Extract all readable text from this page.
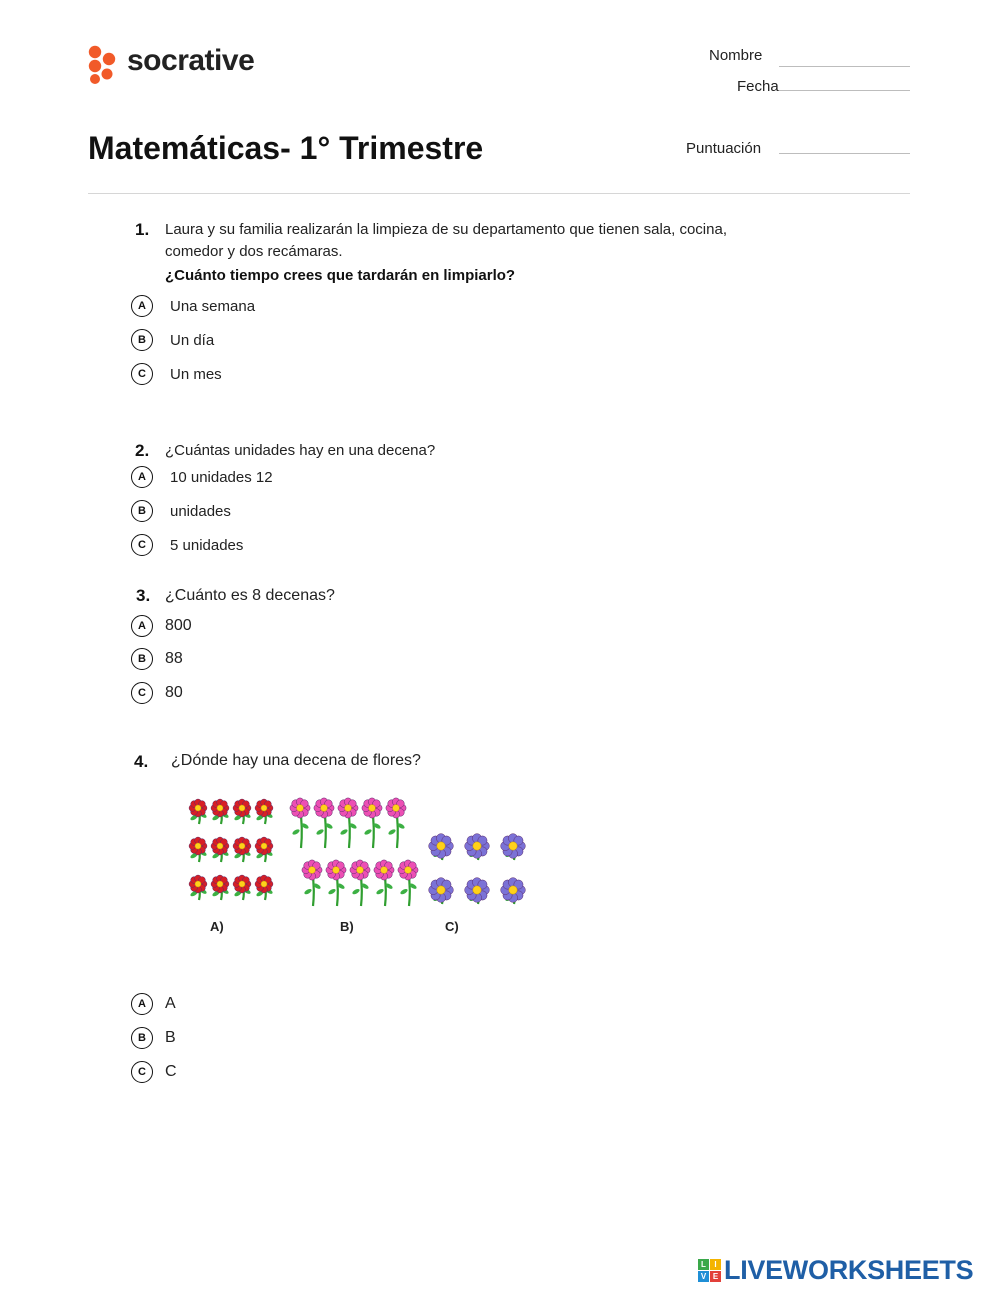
socrative	Nombre
Fecha
Matemáticas- 1° Trimestre	Puntuación
1. Laura y su familia realizarán la limpieza de su departamento que tienen sala, cocina,
comedor y dos recámaras.
¿Cuánto tiempo crees que tardarán en limpiarlo?
A	Una semana
B	Un día
C	Un mes
2. ¿Cuántas unidades hay en una decena?
A	10 unidades 12
B	unidades
C	5 unidades
3. ¿Cuánto es 8 decenas?
A	800
B	88
C	80
4. ¿Dónde hay una decena de flores?
A)	B)	C)
A	A
B	B
C	C
L	I
V E LIVEWORKSHEETS
